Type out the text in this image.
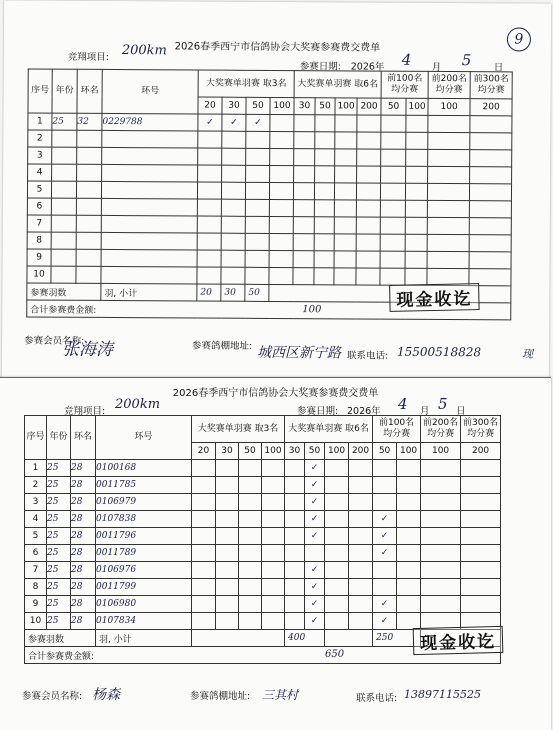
2026春季西宁市信鸽协会大奖赛参赛费交费单	9
竞翔项目: 200km
参赛日期: 2026年 4 月 5 日
序号	年份	环名	环号	大奖赛单羽赛 取3名				大奖赛单羽赛 取6名				前100名 均分赛		前200名 均分赛	前300名 均分赛
				20	30	50	100	30	50	100	200	50	100	100	200
1	25	32	0229788	✓	✓	✓									
2															
3															
4															
5															
6															
7															
8															
9															
10															
参赛羽数			羽, 小计	20	30	50									
合计参赛费金额: 100																现金收讫
参赛会员名称:
张海涛	参赛鸽棚地址: 城西区新宁路 联系电话: 15500518828	现
2026春季西宁市信鸽协会大奖赛参赛费交费单
竞翔项目: 200km	参赛日期: 2026年 4 月 5 日
序号	年份	环名	环号	大奖赛单羽赛 取3名				大奖赛单羽赛 取6名				前100名 均分赛		前200名 均分赛	前300名 均分赛
				20	30	50	100	30	50	100	200	50	100	100	200
1	25	28	0100168						✓						
2	25	28	0011785						✓						
3	25	28	0106979						✓						
4	25	28	0107838						✓			✓			
5	25	28	0011796						✓			✓			
6	25	28	0011789									✓			
7	25	28	0106976						✓						
8	25	28	0011799						✓						
9	25	28	0106980						✓			✓			
10	25	28	0107834						✓			✓			
参赛羽数			羽, 小计					400				250			
合计参赛费金额: 650															
现金收讫
参赛会员名称: 杨森	参赛鸽棚地址: 三其村	联系电话: 13897115525
